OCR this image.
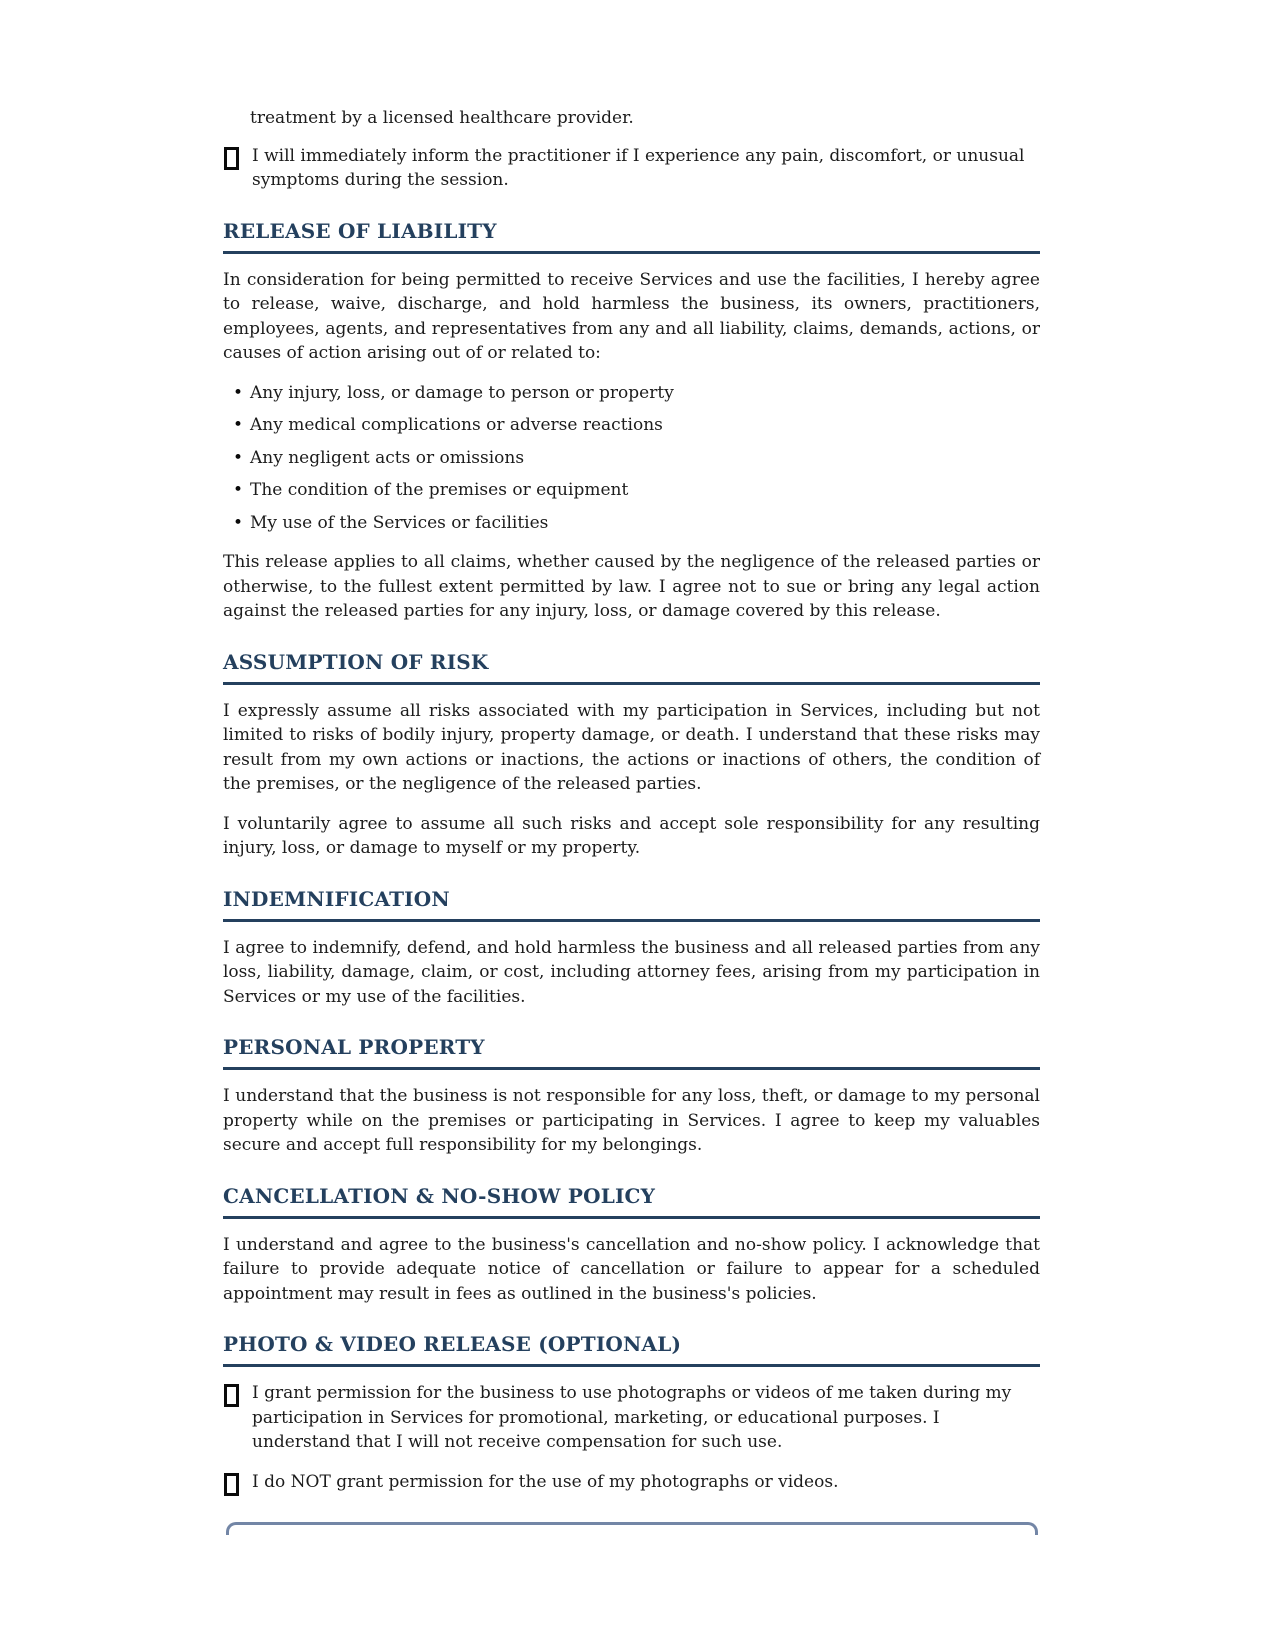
treatment by a licensed healthcare provider.

I will immediately inform the practitioner if I experience any pain, discomfort, or unusual symptoms during the session.
RELEASE OF LIABILITY

In consideration for being permitted to receive Services and use the facilities, I hereby agree to release, waive, discharge, and hold harmless the business, its owners, practitioners, employees, agents, and representatives from any and all liability, claims, demands, actions, or causes of action arising out of or related to:

• Any injury, loss, or damage to person or property
• Any medical complications or adverse reactions
• Any negligent acts or omissions
• The condition of the premises or equipment
• My use of the Services or facilities

This release applies to all claims, whether caused by the negligence of the released parties or otherwise, to the fullest extent permitted by law. I agree not to sue or bring any legal action against the released parties for any injury, loss, or damage covered by this release.

ASSUMPTION OF RISK

I expressly assume all risks associated with my participation in Services, including but not limited to risks of bodily injury, property damage, or death. I understand that these risks may result from my own actions or inactions, the actions or inactions of others, the condition of the premises, or the negligence of the released parties.

I voluntarily agree to assume all such risks and accept sole responsibility for any resulting injury, loss, or damage to myself or my property.

INDEMNIFICATION

I agree to indemnify, defend, and hold harmless the business and all released parties from any loss, liability, damage, claim, or cost, including attorney fees, arising from my participation in Services or my use of the facilities.

PERSONAL PROPERTY

I understand that the business is not responsible for any loss, theft, or damage to my personal property while on the premises or participating in Services. I agree to keep my valuables secure and accept full responsibility for my belongings.

CANCELLATION & NO-SHOW POLICY

I understand and agree to the business's cancellation and no-show policy. I acknowledge that failure to provide adequate notice of cancellation or failure to appear for a scheduled appointment may result in fees as outlined in the business's policies.

PHOTO & VIDEO RELEASE (OPTIONAL)
I grant permission for the business to use photographs or videos of me taken during my participation in Services for promotional, marketing, or educational purposes. I understand that I will not receive compensation for such use.
I do NOT grant permission for the use of my photographs or videos.
